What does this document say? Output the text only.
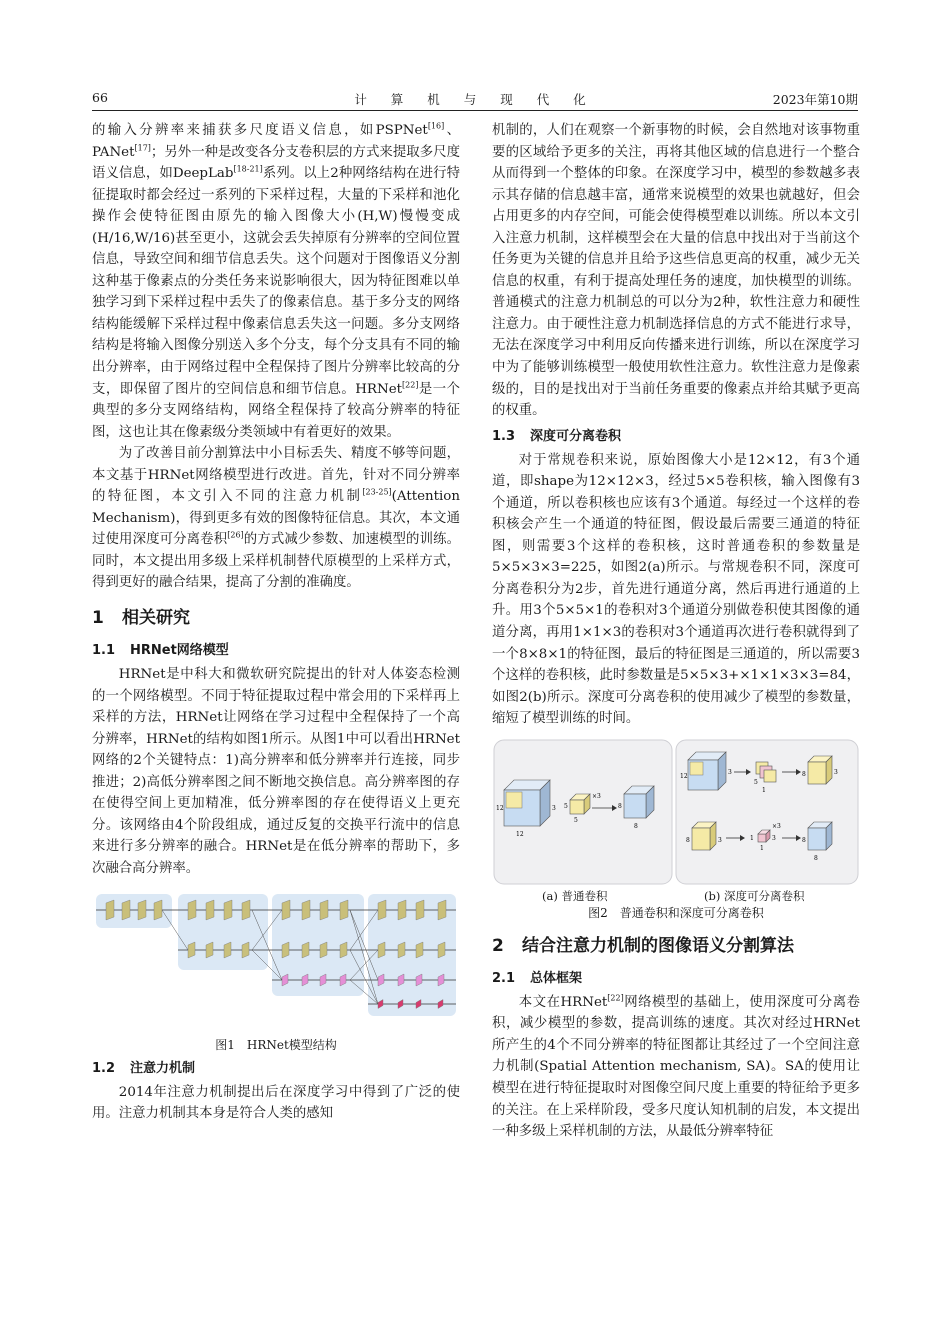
66	计 算 机 与 现 代 化	2023年第10期

的输入分辨率来捕获多尺度语义信息，如PSPNet[16]、PANet[17]；另外一种是改变各分支卷积层的方式来提取多尺度语义信息，如DeepLab[18-21]系列。以上2种网络结构在进行特征提取时都会经过一系列的下采样过程，大量的下采样和池化操作会使特征图由原先的输入图像大小(H,W)慢慢变成(H/16,W/16)甚至更小，这就会丢失掉原有分辨率的空间位置信息，导致空间和细节信息丢失。这个问题对于图像语义分割这种基于像素点的分类任务来说影响很大，因为特征图难以单独学习到下采样过程中丢失了的像素信息。基于多分支的网络结构能缓解下采样过程中像素信息丢失这一问题。多分支网络结构是将输入图像分别送入多个分支，每个分支具有不同的输出分辨率，由于网络过程中全程保持了图片分辨率比较高的分支，即保留了图片的空间信息和细节信息。HRNet[22]是一个典型的多分支网络结构，网络全程保持了较高分辨率的特征图，这也让其在像素级分类领域中有着更好的效果。

为了改善目前分割算法中小目标丢失、精度不够等问题，本文基于HRNet网络模型进行改进。首先，针对不同分辨率的特征图，本文引入不同的注意力机制[23-25](Attention Mechanism)，得到更多有效的图像特征信息。其次，本文通过使用深度可分离卷积[26]的方式减少参数、加速模型的训练。同时，本文提出用多级上采样机制替代原模型的上采样方式，得到更好的融合结果，提高了分割的准确度。

1 相关研究
1.1 HRNet网络模型

HRNet是中科大和微软研究院提出的针对人体姿态检测的一个网络模型。不同于特征提取过程中常会用的下采样再上采样的方法，HRNet让网络在学习过程中全程保持了一个高分辨率，HRNet的结构如图1所示。从图1中可以看出HRNet网络的2个关键特点：1)高分辨率和低分辨率并行连接，同步推进；2)高低分辨率图之间不断地交换信息。高分辨率图的存在使得空间上更加精准，低分辨率图的存在使得语义上更充分。该网络由4个阶段组成，通过反复的交换平行流中的信息来进行多分辨率的融合。HRNet是在低分辨率的帮助下，多次融合高分辨率。

图1　HRNet模型结构
1.2 注意力机制

2014年注意力机制提出后在深度学习中得到了广泛的使用。注意力机制其本身是符合人类的感知

机制的，人们在观察一个新事物的时候，会自然地对该事物重要的区域给予更多的关注，再将其他区域的信息进行一个整合从而得到一个整体的印象。在深度学习中，模型的参数越多表示其存储的信息越丰富，通常来说模型的效果也就越好，但会占用更多的内存空间，可能会使得模型难以训练。所以本文引入注意力机制，这样模型会在大量的信息中找出对于当前这个任务更为关键的信息并且给予这些信息更高的权重，减少无关信息的权重，有利于提高处理任务的速度，加快模型的训练。普通模式的注意力机制总的可以分为2种，软性注意力和硬性注意力。由于硬性注意力机制选择信息的方式不能进行求导，无法在深度学习中利用反向传播来进行训练，所以在深度学习中为了能够训练模型一般使用软性注意力。软性注意力是像素级的，目的是找出对于当前任务重要的像素点并给其赋予更高的权重。

1.3 深度可分离卷积

对于常规卷积来说，原始图像大小是12×12，有3个通道，即shape为12×12×3，经过5×5卷积核，输入图像有3个通道，所以卷积核也应该有3个通道。每经过一个这样的卷积核会产生一个通道的特征图，假设最后需要三通道的特征图，则需要3个这样的卷积核，这时普通卷积的参数量是5×5×3×3=225，如图2(a)所示。与常规卷积不同，深度可分离卷积分为2步，首先进行通道分离，然后再进行通道的上升。用3个5×5×1的卷积对3个通道分别做卷积使其图像的通道分离，再用1×1×3的卷积对3个通道再次进行卷积就得到了一个8×8×1的特征图，最后的特征图是三通道的，所以需要3个这样的卷积核，此时参数量是5×5×3+×1×1×3×3=84，如图2(b)所示。深度可分离卷积的使用减少了模型的参数量，缩短了模型训练的时间。

12
12
3 5
5
×3
8
8
12
3
5
1
8	3
8	3	1
1
3
×3
8
8
(a) 普通卷积	(b) 深度可分离卷积
图2　普通卷积和深度可分离卷积
2 结合注意力机制的图像语义分割算法
2.1 总体框架

本文在HRNet[22]网络模型的基础上，使用深度可分离卷积，减少模型的参数，提高训练的速度。其次对经过HRNet所产生的4个不同分辨率的特征图都让其经过了一个空间注意力机制(Spatial Attention mechanism, SA)。SA的使用让模型在进行特征提取时对图像空间尺度上重要的特征给予更多的关注。在上采样阶段，受多尺度认知机制的启发，本文提出一种多级上采样机制的方法，从最低分辨率特征
